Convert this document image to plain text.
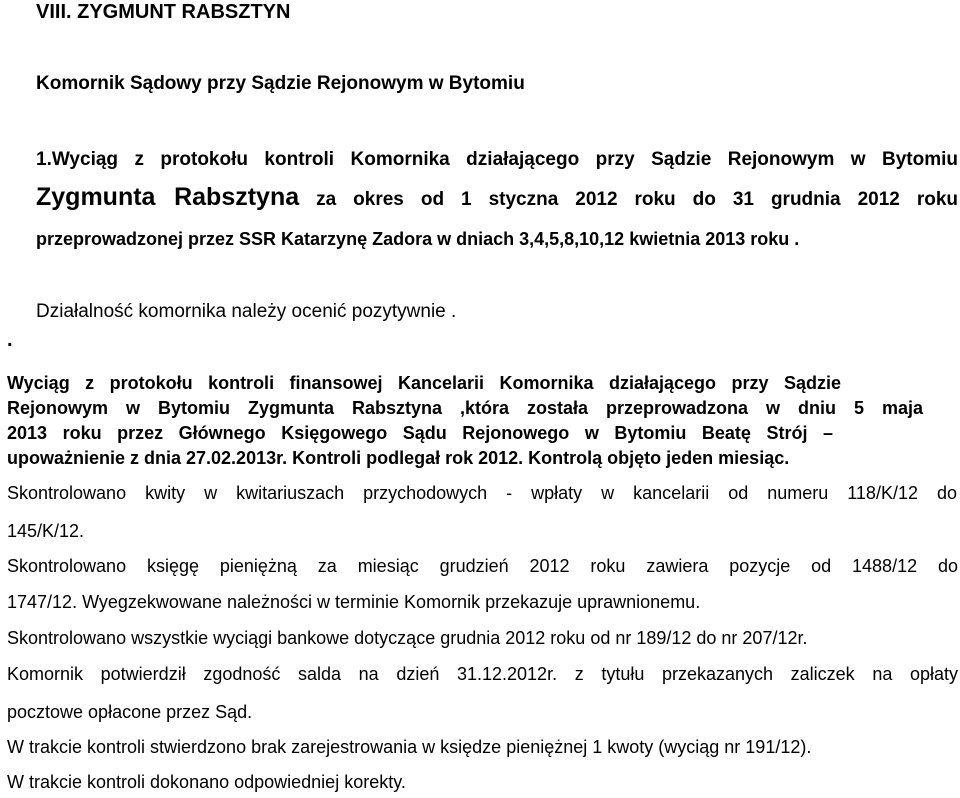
VIII. ZYGMUNT RABSZTYN
Komornik Sądowy przy Sądzie Rejonowym w Bytomiu
1.Wyciąg z protokołu kontroli Komornika działającego przy Sądzie Rejonowym w Bytomiu
Zygmunta Rabsztyna za okres od 1 styczna 2012 roku do 31 grudnia 2012 roku
przeprowadzonej przez SSR Katarzynę Zadora w dniach 3,4,5,8,10,12 kwietnia 2013 roku .
Działalność komornika należy ocenić pozytywnie .
.
Wyciąg z protokołu kontroli finansowej Kancelarii Komornika działającego przy Sądzie
Rejonowym w Bytomiu Zygmunta Rabsztyna ,która została przeprowadzona w dniu 5 maja
2013 roku przez Głównego Księgowego Sądu Rejonowego w Bytomiu Beatę Strój –
upoważnienie z dnia 27.02.2013r. Kontroli podlegał rok 2012. Kontrolą objęto jeden miesiąc.
Skontrolowano kwity w kwitariuszach przychodowych - wpłaty w kancelarii od numeru 118/K/12 do
145/K/12.
Skontrolowano księgę pieniężną za miesiąc grudzień 2012 roku zawiera pozycje od 1488/12 do
1747/12. Wyegzekwowane należności w terminie Komornik przekazuje uprawnionemu.
Skontrolowano wszystkie wyciągi bankowe dotyczące grudnia 2012 roku od nr 189/12 do nr 207/12r.
Komornik potwierdził zgodność salda na dzień 31.12.2012r. z tytułu przekazanych zaliczek na opłaty
pocztowe opłacone przez Sąd.
W trakcie kontroli stwierdzono brak zarejestrowania w księdze pieniężnej 1 kwoty (wyciąg nr 191/12).
W trakcie kontroli dokonano odpowiedniej korekty.
